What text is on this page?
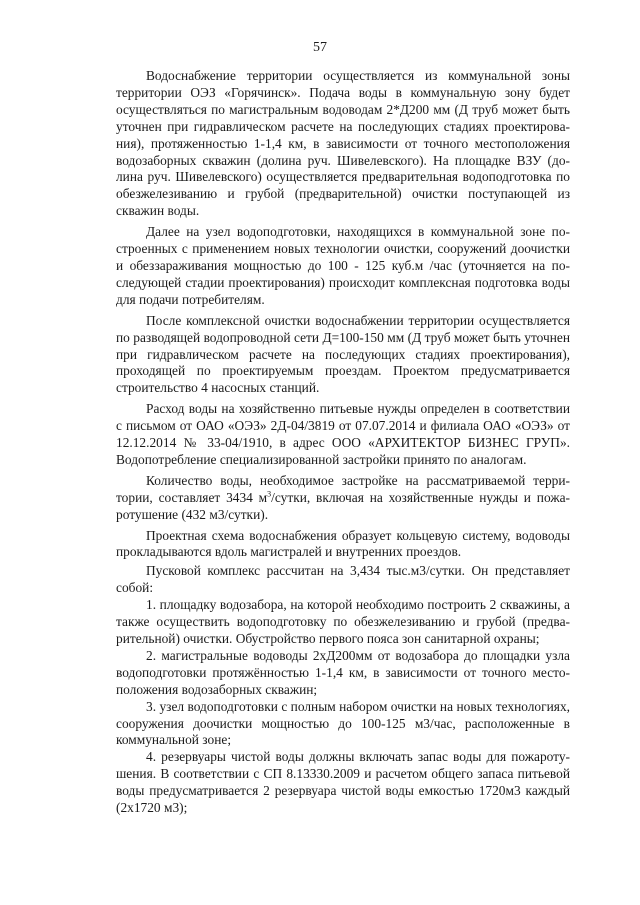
57

Водоснабжение территории осуществляется из коммунальной зоны территории ОЭЗ «Горячинск». Подача воды в коммунальную зону будет осуществляться по магистральным водоводам 2*Д200 мм (Д труб может быть уточнен при гидравлическом расчете на последующих стадиях проектирования), протяженностью 1-1,4 км, в зависимости от точного местоположения водозаборных скважин (долина руч. Шивелевского). На площадке ВЗУ (долина руч. Шивелевского) осуществляется предварительная водоподготовка по обезжелезиванию и грубой (предварительной) очистки поступающей из скважин воды.

Далее на узел водоподготовки, находящихся в коммунальной зоне построенных с применением новых технологии очистки, сооружений доочистки и обеззараживания мощностью до 100 - 125 куб.м /час (уточняется на последующей стадии проектирования) происходит комплексная подготовка воды для подачи потребителям.

После комплексной очистки водоснабжении территории осуществляется по разводящей водопроводной сети Д=100-150 мм (Д труб может быть уточнен при гидравлическом расчете на последующих стадиях проектирования), проходящей по проектируемым проездам. Проектом предусматривается строительство 4 насосных станций.

Расход воды на хозяйственно питьевые нужды определен в соответствии с письмом от ОАО «ОЭЗ» 2Д-04/3819 от 07.07.2014 и филиала ОАО «ОЭЗ» от 12.12.2014 № 33-04/1910, в адрес ООО «АРХИТЕКТОР БИЗНЕС ГРУП». Водопотребление специализированной застройки принято по аналогам.

Количество воды, необходимое застройке на рассматриваемой территории, составляет 3434 $м^3$/сутки, включая на хозяйственные нужды и пожаротушение (432 м3/сутки).

Проектная схема водоснабжения образует кольцевую систему, водоводы прокладываются вдоль магистралей и внутренних проездов.

Пусковой комплекс рассчитан на 3,434 тыс.м3/сутки. Он представляет собой:

1. площадку водозабора, на которой необходимо построить 2 скважины, а также осуществить водоподготовку по обезжелезиванию и грубой (предварительной) очистки. Обустройство первого пояса зон санитарной охраны;

2. магистральные водоводы 2хД200мм от водозабора до площадки узла водоподготовки протяжённостью 1-1,4 км, в зависимости от точного местоположения водозаборных скважин;

3. узел водоподготовки с полным набором очистки на новых технологиях, сооружения доочистки мощностью до 100-125 м3/час, расположенные в коммунальной зоне;

4. резервуары чистой воды должны включать запас воды для пожаротушения. В соответствии с СП 8.13330.2009 и расчетом общего запаса питьевой воды предусматривается 2 резервуара чистой воды емкостью 1720м3 каждый (2х1720 м3);
